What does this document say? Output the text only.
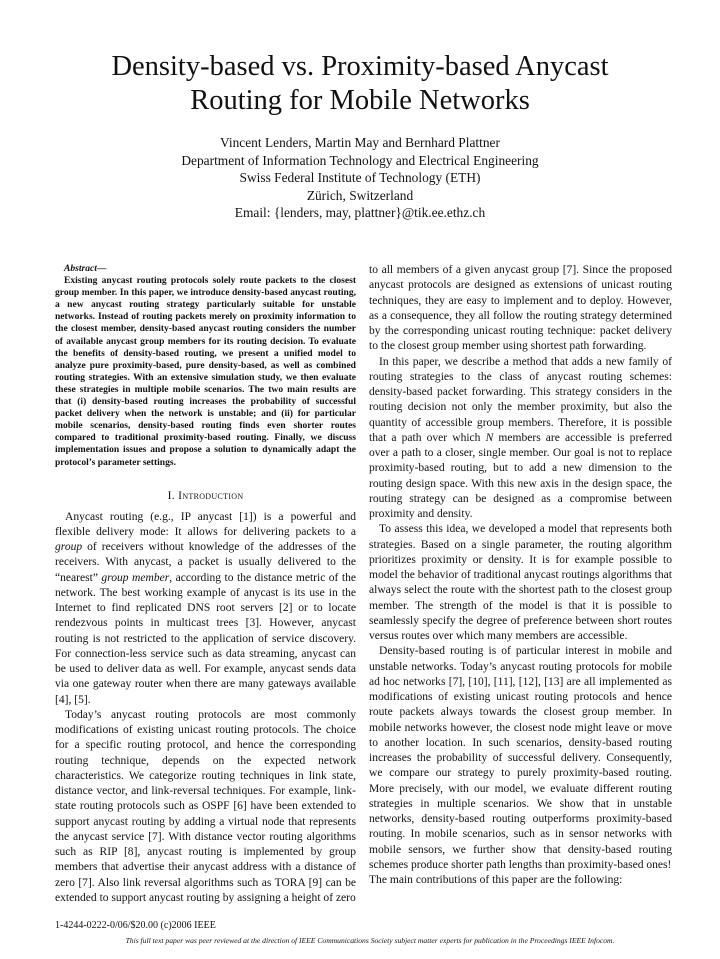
Density-based vs. Proximity-based Anycast
Routing for Mobile Networks
Vincent Lenders, Martin May and Bernhard Plattner
Department of Information Technology and Electrical Engineering
Swiss Federal Institute of Technology (ETH)
Zürich, Switzerland
Email: {lenders, may, plattner}@tik.ee.ethz.ch
Abstract—

Existing anycast routing protocols solely route packets to the closest group member. In this paper, we introduce density-based anycast routing, a new anycast routing strategy particularly suitable for unstable networks. Instead of routing packets merely on proximity information to the closest member, density-based anycast routing considers the number of available anycast group members for its routing decision. To evaluate the benefits of density-based routing, we present a unified model to analyze pure proximity-based, pure density-based, as well as combined routing strategies. With an extensive simulation study, we then evaluate these strategies in multiple mobile scenarios. The two main results are that (i) density-based routing increases the probability of successful packet delivery when the network is unstable; and (ii) for particular mobile scenarios, density-based routing finds even shorter routes compared to traditional proximity-based routing. Finally, we discuss implementation issues and propose a solution to dynamically adapt the protocol’s parameter settings.

I. Introduction

Anycast routing (e.g., IP anycast [1]) is a powerful and flexible delivery mode: It allows for delivering packets to a group of receivers without knowledge of the addresses of the receivers. With anycast, a packet is usually delivered to the “nearest” group member, according to the distance metric of the network. The best working example of anycast is its use in the Internet to find replicated DNS root servers [2] or to locate rendezvous points in multicast trees [3]. However, anycast routing is not restricted to the application of service discovery. For connection-less service such as data streaming, anycast can be used to deliver data as well. For example, anycast sends data via one gateway router when there are many gateways available [4], [5].

Today’s anycast routing protocols are most commonly modifications of existing unicast routing protocols. The choice for a specific routing protocol, and hence the corresponding routing technique, depends on the expected network characteristics. We categorize routing techniques in link state, distance vector, and link-reversal techniques. For example, link-state routing protocols such as OSPF [6] have been extended to support anycast routing by adding a virtual node that represents the anycast service [7]. With distance vector routing algorithms such as RIP [8], anycast routing is implemented by group members that advertise their anycast address with a distance of zero [7]. Also link reversal algorithms such as TORA [9] can be extended to support anycast routing by assigning a height of zero

to all members of a given anycast group [7]. Since the proposed anycast protocols are designed as extensions of unicast routing techniques, they are easy to implement and to deploy. However, as a consequence, they all follow the routing strategy determined by the corresponding unicast routing technique: packet delivery to the closest group member using shortest path forwarding.

In this paper, we describe a method that adds a new family of routing strategies to the class of anycast routing schemes: density-based packet forwarding. This strategy considers in the routing decision not only the member proximity, but also the quantity of accessible group members. Therefore, it is possible that a path over which N members are accessible is preferred over a path to a closer, single member. Our goal is not to replace proximity-based routing, but to add a new dimension to the routing design space. With this new axis in the design space, the routing strategy can be designed as a compromise between proximity and density.

To assess this idea, we developed a model that represents both strategies. Based on a single parameter, the routing algorithm prioritizes proximity or density. It is for example possible to model the behavior of traditional anycast routings algorithms that always select the route with the shortest path to the closest group member. The strength of the model is that it is possible to seamlessly specify the degree of preference between short routes versus routes over which many members are accessible.

Density-based routing is of particular interest in mobile and unstable networks. Today’s anycast routing protocols for mobile ad hoc networks [7], [10], [11], [12], [13] are all implemented as modifications of existing unicast routing protocols and hence route packets always towards the closest group member. In mobile networks however, the closest node might leave or move to another location. In such scenarios, density-based routing increases the probability of successful delivery. Consequently, we compare our strategy to purely proximity-based routing. More precisely, with our model, we evaluate different routing strategies in multiple scenarios. We show that in unstable networks, density-based routing outperforms proximity-based routing. In mobile scenarios, such as in sensor networks with mobile sensors, we further show that density-based routing schemes produce shorter path lengths than proximity-based ones!

The main contributions of this paper are the following:

1-4244-0222-0/06/$20.00 (c)2006 IEEE
This full text paper was peer reviewed at the direction of IEEE Communications Society subject matter experts for publication in the Proceedings IEEE Infocom.
